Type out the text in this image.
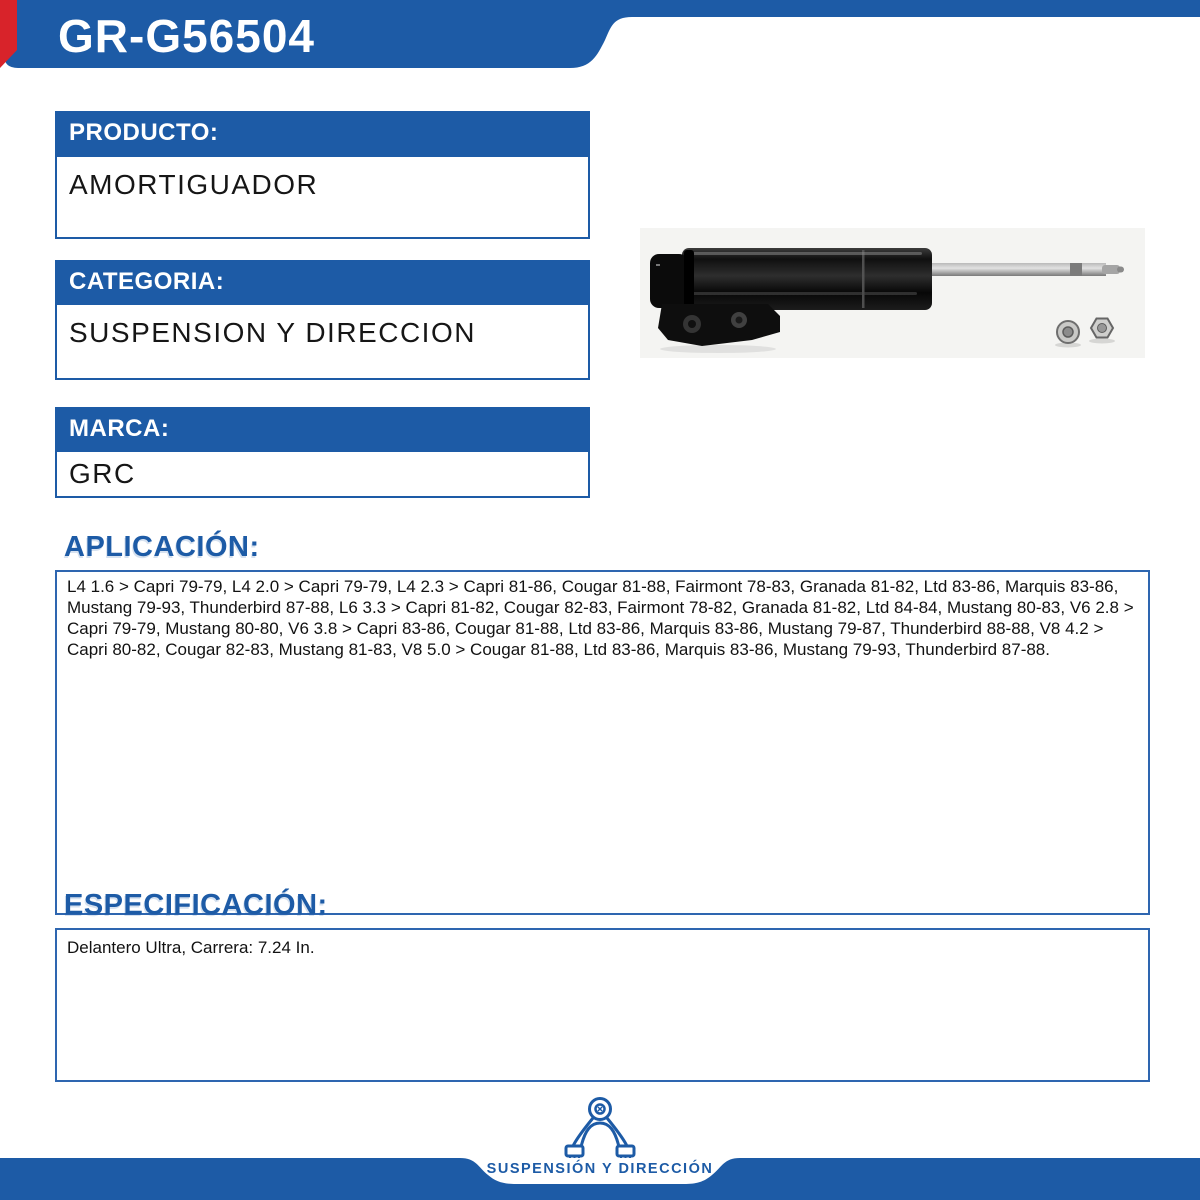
GR-G56504
PRODUCTO:
AMORTIGUADOR
CATEGORIA:
SUSPENSION Y DIRECCION
MARCA:
GRC
APLICACIÓN:
L4 1.6 > Capri 79-79, L4 2.0 > Capri 79-79, L4 2.3 > Capri 81-86, Cougar 81-88, Fairmont 78-83, Granada 81-82, Ltd 83-86, Marquis 83-86, Mustang 79-93, Thunderbird 87-88, L6 3.3 > Capri 81-82, Cougar 82-83, Fairmont 78-82, Granada 81-82, Ltd 84-84, Mustang 80-83, V6 2.8 > Capri 79-79, Mustang 80-80, V6 3.8 > Capri 83-86, Cougar 81-88, Ltd 83-86, Marquis 83-86, Mustang 79-87, Thunderbird 88-88, V8 4.2 > Capri 80-82, Cougar 82-83, Mustang 81-83, V8 5.0 > Cougar 81-88, Ltd 83-86, Marquis 83-86, Mustang 79-93, Thunderbird 87-88.
ESPECIFICACIÓN:
Delantero Ultra, Carrera: 7.24 In.
SUSPENSIÓN Y DIRECCIÓN
